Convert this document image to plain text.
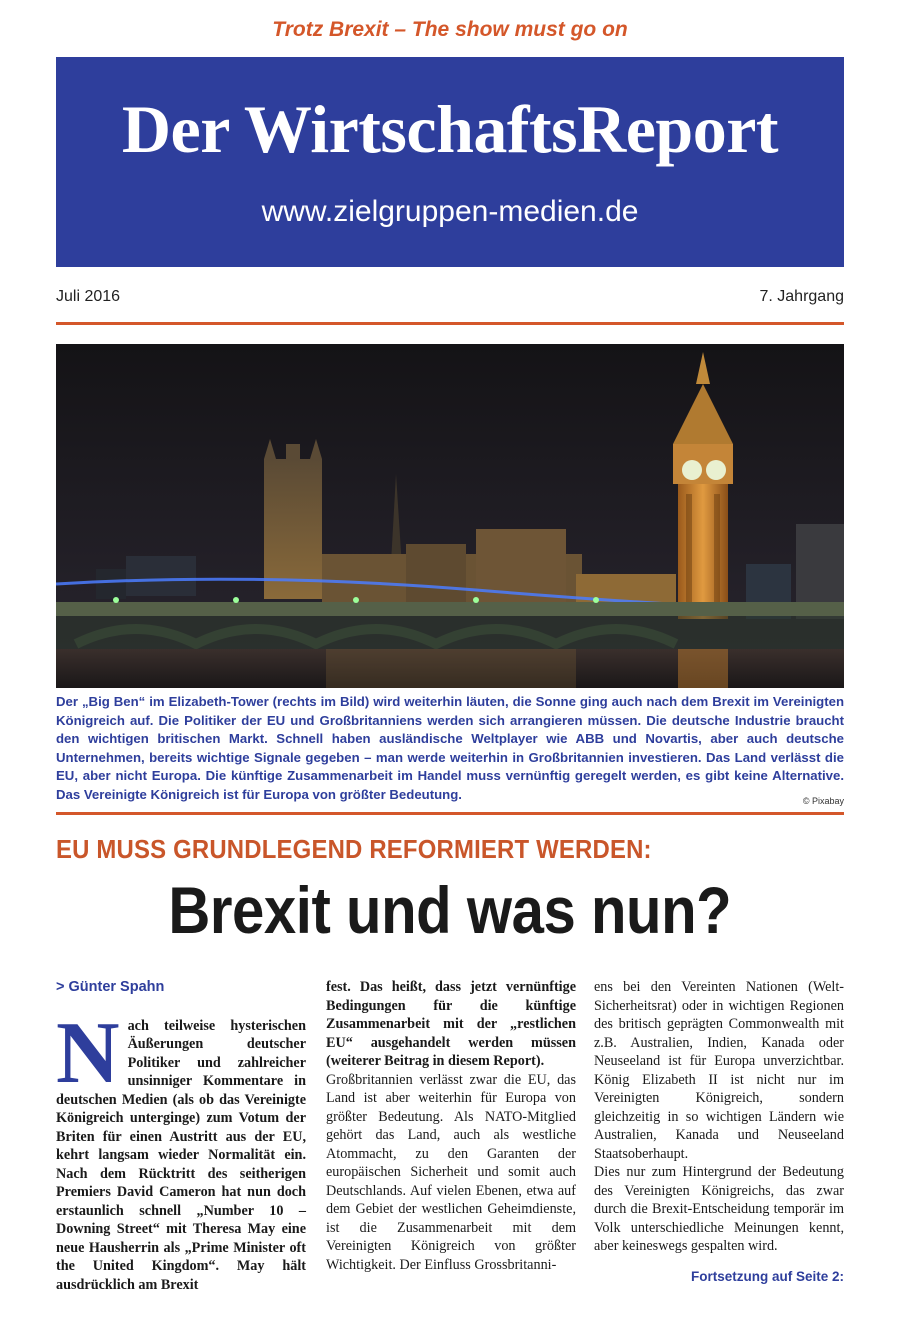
Trotz Brexit – The show must go on
Der WirtschaftsReport
www.zielgruppen-medien.de
Juli 2016	7. Jahrgang
Der „Big Ben“ im Elizabeth-Tower (rechts im Bild) wird weiterhin läuten, die Sonne ging auch nach dem Brexit im Vereinigten Königreich auf. Die Politiker der EU und Großbritanniens werden sich arrangieren müssen. Die deutsche Industrie braucht den wichtigen britischen Markt. Schnell haben ausländische Weltplayer wie ABB und Novartis, aber auch deutsche Unternehmen, bereits wichtige Signale gegeben – man werde weiterhin in Großbritannien investieren. Das Land verlässt die EU, aber nicht Europa. Die künftige Zusammenarbeit im Handel muss vernünftig geregelt werden, es gibt keine Alternative. Das Vereinigte Königreich ist für Europa von größter Bedeutung.	© Pixabay
EU MUSS GRUNDLEGEND REFORMIERT WERDEN:
Brexit und was nun?
> Günter Spahn
Nach teilweise hysterischen Äußerungen deutscher Politiker und zahlreicher unsinniger Kommentare in deutschen Medien (als ob das Vereinigte Königreich unterginge) zum Votum der Briten für einen Austritt aus der EU, kehrt langsam wieder Normalität ein. Nach dem Rücktritt des seitherigen Premiers David Cameron hat nun doch erstaunlich schnell „Number 10 – Downing Street“ mit Theresa May eine neue Hausherrin als „Prime Minister oft the United Kingdom“. May hält ausdrücklich am Brexit
fest. Das heißt, dass jetzt vernünftige Bedingungen für die künftige Zusammenarbeit mit der „restlichen EU“ ausgehandelt werden müssen (weiterer Beitrag in diesem Report).
Großbritannien verlässt zwar die EU, das Land ist aber weiterhin für Europa von größter Bedeutung. Als NATO-Mitglied gehört das Land, auch als westliche Atommacht, zu den Garanten der europäischen Sicherheit und somit auch Deutschlands. Auf vielen Ebenen, etwa auf dem Gebiet der westlichen Geheimdienste, ist die Zusammenarbeit mit dem Vereinigten Königreich von größter Wichtigkeit. Der Einfluss Grossbritanni-
ens bei den Vereinten Nationen (Welt-Sicherheitsrat) oder in wichtigen Regionen des britisch geprägten Commonwealth mit z.B. Australien, Indien, Kanada oder Neuseeland ist für Europa unverzichtbar. König Elizabeth II ist nicht nur im Vereinigten Königreich, sondern gleichzeitig in so wichtigen Ländern wie Australien, Kanada und Neuseeland Staatsoberhaupt.
Dies nur zum Hintergrund der Bedeutung des Vereinigten Königreichs, das zwar durch die Brexit-Entscheidung temporär im Volk unterschiedliche Meinungen kennt, aber keineswegs gespalten wird.
Fortsetzung auf Seite 2:
